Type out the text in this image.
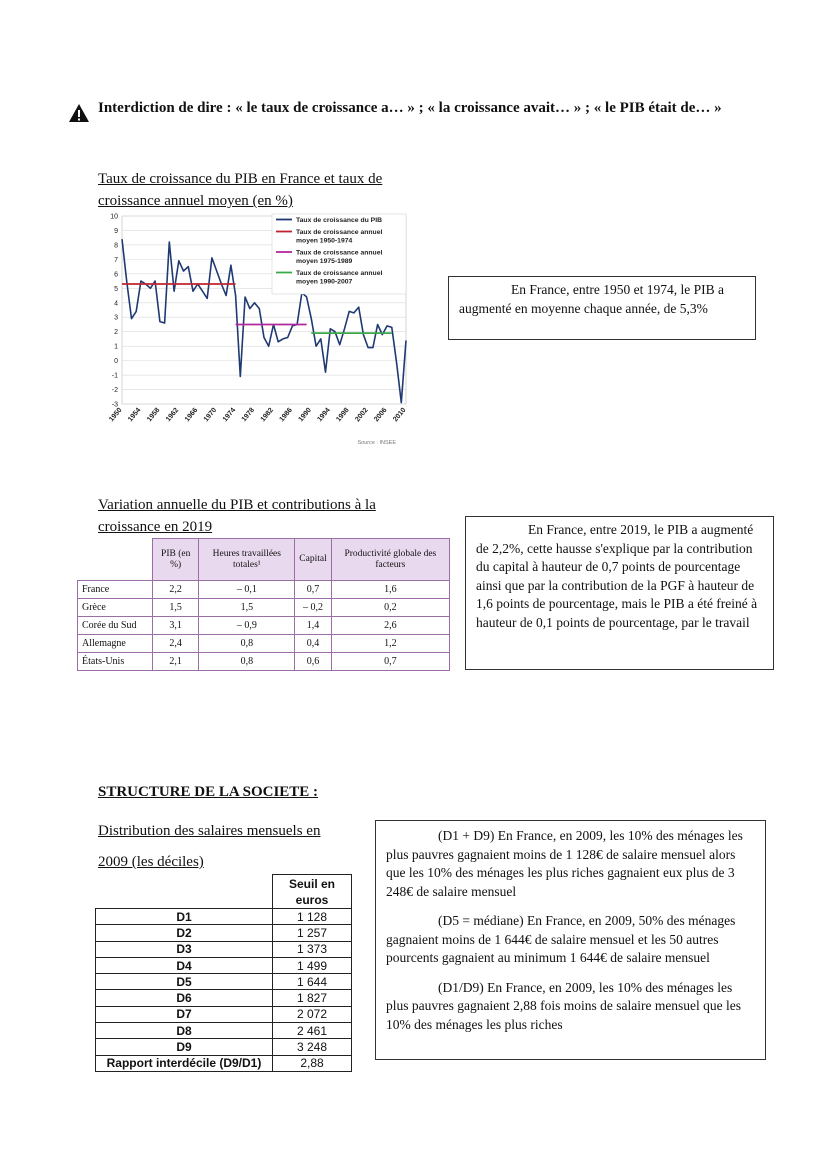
Interdiction de dire : « le taux de croissance a… » ; « la croissance avait… » ; « le PIB était de… »
Taux de croissance du PIB en France et taux de
croissance annuel moyen (en %)
10
9
8
7
6
5
4
3
2
1
0
-1
-2
-3
1950 1954 1958 1962 1966 1970 1974 1978 1982 1986 1990 1994 1998 2002 2006 2010
Taux de croissance du PIB
Taux de croissance annuel
moyen 1950-1974
Taux de croissance annuel
moyen 1975-1989
Taux de croissance annuel
moyen 1990-2007
Source : INSEE

En France, entre 1950 et 1974, le PIB a augmenté en moyenne chaque année, de 5,3%

Variation annuelle du PIB et contributions à la
croissance en 2019
	PIB (en %)	Heures travaillées totales¹	Capital	Productivité globale des facteurs
France	2,2	– 0,1	0,7	1,6
Grèce	1,5	1,5	– 0,2	0,2
Corée du Sud	3,1	– 0,9	1,4	2,6
Allemagne	2,4	0,8	0,4	1,2
États-Unis	2,1	0,8	0,6	0,7

En France, entre 2019, le PIB a augmenté de 2,2%, cette hausse s'explique par la contribution du capital à hauteur de 0,7 points de pourcentage ainsi que par la contribution de la PGF à hauteur de 1,6 points de pourcentage, mais le PIB a été freiné à hauteur de 0,1 points de pourcentage, par le travail

STRUCTURE DE LA SOCIETE :
Distribution des salaires mensuels en
2009 (les déciles)
	Seuil en euros
D1	1 128
D2	1 257
D3	1 373
D4	1 499
D5	1 644
D6	1 827
D7	2 072
D8	2 461
D9	3 248
Rapport interdécile (D9/D1)	2,88

(D1 + D9) En France, en 2009, les 10% des ménages les plus pauvres gagnaient moins de 1 128€ de salaire mensuel alors que les 10% des ménages les plus riches gagnaient eux plus de 3 248€ de salaire mensuel

(D5 = médiane) En France, en 2009, 50% des ménages gagnaient moins de 1 644€ de salaire mensuel et les 50 autres pourcents gagnaient au minimum 1 644€ de salaire mensuel

(D1/D9) En France, en 2009, les 10% des ménages les plus pauvres gagnaient 2,88 fois moins de salaire mensuel que les 10% des ménages les plus riches
